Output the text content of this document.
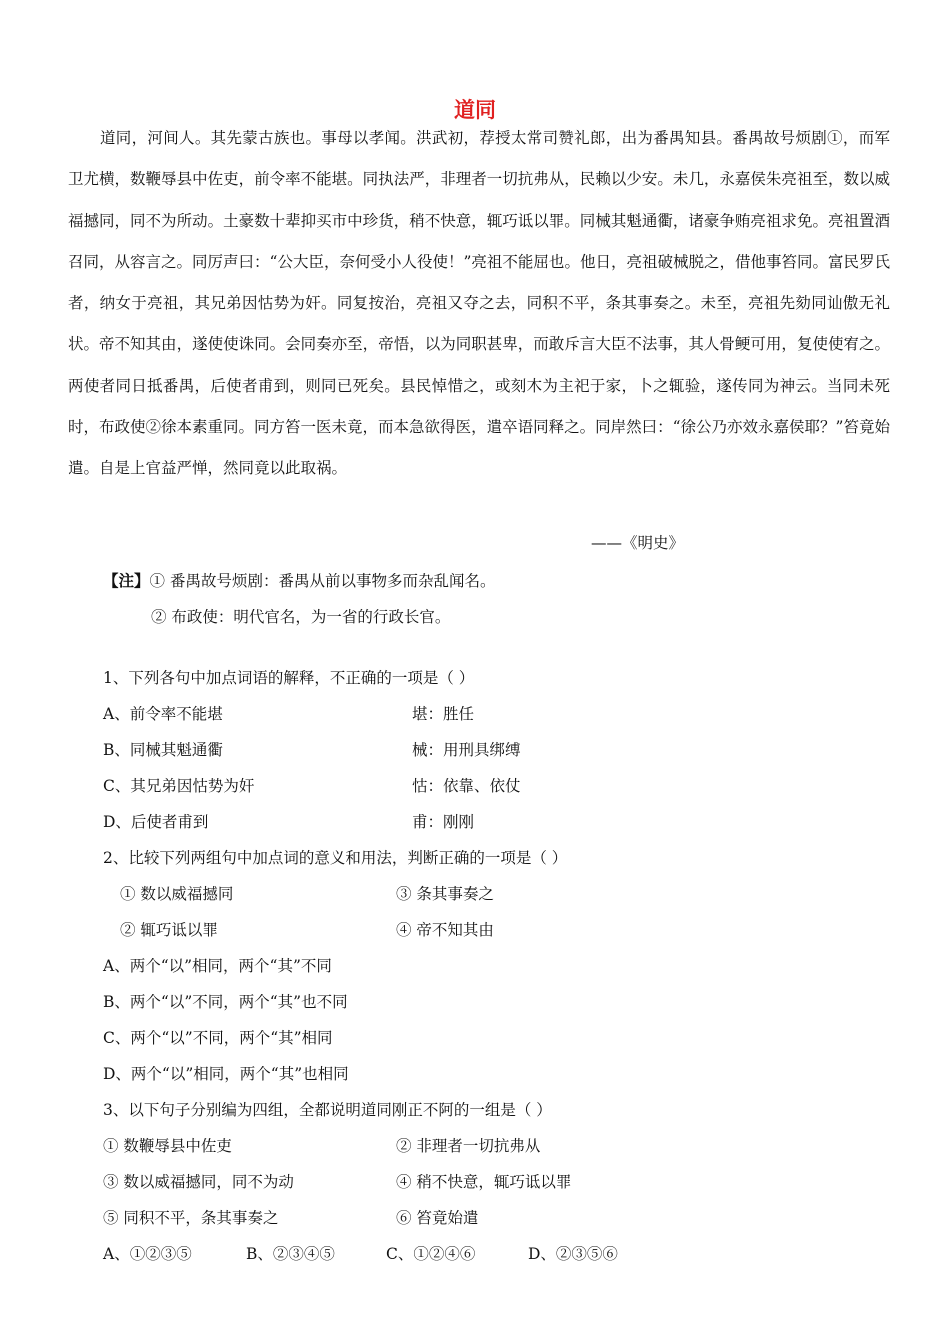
道同

道同，河间人。其先蒙古族也。事母以孝闻。洪武初，荐授太常司赞礼郎，出为番禺知县。番禺故号烦剧①，而军卫尤横，数鞭辱县中佐吏，前令率不能堪。同执法严，非理者一切抗弗从，民赖以少安。未几，永嘉侯朱亮祖至，数以威福撼同，同不为所动。土豪数十辈抑买市中珍货，稍不快意，辄巧诋以罪。同械其魁通衢，诸豪争贿亮祖求免。亮祖置酒召同，从容言之。同厉声曰：“公大臣，奈何受小人役使！”亮祖不能屈也。他日，亮祖破械脱之，借他事笞同。富民罗氏者，纳女于亮祖，其兄弟因怙势为奸。同复按治，亮祖又夺之去，同积不平，条其事奏之。未至，亮祖先劾同讪傲无礼状。帝不知其由，遂使使诛同。会同奏亦至，帝悟，以为同职甚卑，而敢斥言大臣不法事，其人骨鲠可用，复使使宥之。两使者同日抵番禺，后使者甫到，则同已死矣。县民悼惜之，或刻木为主祀于家，卜之辄验，遂传同为神云。当同未死时，布政使②徐本素重同。同方笞一医未竟，而本急欲得医，遣卒语同释之。同岸然曰：“徐公乃亦效永嘉侯耶？”笞竟始遣。自是上官益严惮，然同竟以此取祸。

——《明史》
【注】① 番禺故号烦剧：番禺从前以事物多而杂乱闻名。
② 布政使：明代官名，为一省的行政长官。
1、下列各句中加点词语的解释，不正确的一项是（ ）
A、前令率不能堪	堪：胜任
B、同械其魁通衢	械：用刑具绑缚
C、其兄弟因怙势为奸	怙：依靠、依仗
D、后使者甫到	甫：刚刚
2、比较下列两组句中加点词的意义和用法，判断正确的一项是（ ）
① 数以威福撼同	③ 条其事奏之
② 辄巧诋以罪	④ 帝不知其由
A、两个“以”相同，两个“其”不同
B、两个“以”不同，两个“其”也不同
C、两个“以”不同，两个“其”相同
D、两个“以”相同，两个“其”也相同
3、以下句子分别编为四组，全都说明道同刚正不阿的一组是（ ）
① 数鞭辱县中佐吏	② 非理者一切抗弗从
③ 数以威福撼同，同不为动	④ 稍不快意，辄巧诋以罪
⑤ 同积不平，条其事奏之	⑥ 笞竟始遣
A、①②③⑤	B、②③④⑤	C、①②④⑥	D、②③⑤⑥
